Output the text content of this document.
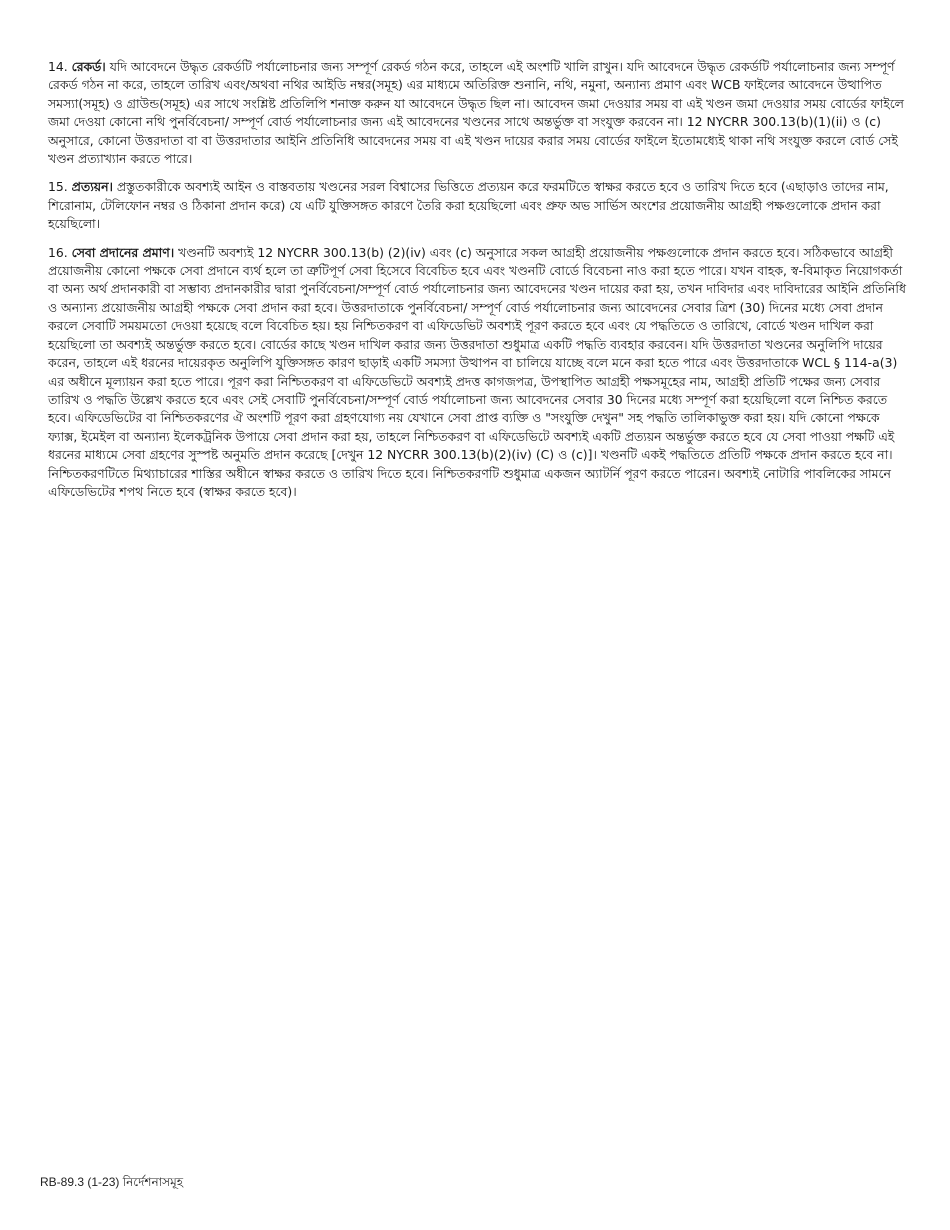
14. রেকর্ড। যদি আবেদনে উদ্ধৃত রেকর্ডটি পর্যালোচনার জন্য সম্পূর্ণ রেকর্ড গঠন করে, তাহলে এই অংশটি খালি রাখুন। যদি আবেদনে উদ্ধৃত রেকর্ডটি পর্যালোচনার জন্য সম্পূর্ণ রেকর্ড গঠন না করে, তাহলে তারিখ এবং/অথবা নথির আইডি নম্বর(সমূহ) এর মাধ্যমে অতিরিক্ত শুনানি, নথি, নমুনা, অন্যান্য প্রমাণ এবং WCB ফাইলের আবেদনে উত্থাপিত সমস্যা(সমূহ) ও গ্রাউন্ড(সমূহ) এর সাথে সংশ্লিষ্ট প্রতিলিপি শনাক্ত করুন যা আবেদনে উদ্ধৃত ছিল না। আবেদন জমা দেওয়ার সময় বা এই খণ্ডন জমা দেওয়ার সময় বোর্ডের ফাইলে জমা দেওয়া কোনো নথি পুনর্বিবেচনা/ সম্পূর্ণ বোর্ড পর্যালোচনার জন্য এই আবেদনের খণ্ডনের সাথে অন্তর্ভুক্ত বা সংযুক্ত করবেন না। 12 NYCRR 300.13(b)(1)(ii) ও (c) অনুসারে, কোনো উত্তরদাতা বা বা উত্তরদাতার আইনি প্রতিনিধি আবেদনের সময় বা এই খণ্ডন দায়ের করার সময় বোর্ডের ফাইলে ইতোমধ্যেই থাকা নথি সংযুক্ত করলে বোর্ড সেই খণ্ডন প্রত্যাখ্যান করতে পারে।

15. প্রত্যয়ন। প্রস্তুতকারীকে অবশ্যই আইন ও বাস্তবতায় খণ্ডনের সরল বিশ্বাসের ভিত্তিতে প্রত্যয়ন করে ফরমটিতে স্বাক্ষর করতে হবে ও তারিখ দিতে হবে (এছাড়াও তাদের নাম, শিরোনাম, টেলিফোন নম্বর ও ঠিকানা প্রদান করে) যে এটি যুক্তিসঙ্গত কারণে তৈরি করা হয়েছিলো এবং প্রুফ অভ সার্ভিস অংশের প্রয়োজনীয় আগ্রহী পক্ষগুলোকে প্রদান করা হয়েছিলো।

16. সেবা প্রদানের প্রমাণ। খণ্ডনটি অবশ্যই 12 NYCRR 300.13(b) (2)(iv) এবং (c) অনুসারে সকল আগ্রহী প্রয়োজনীয় পক্ষগুলোকে প্রদান করতে হবে। সঠিকভাবে আগ্রহী প্রয়োজনীয় কোনো পক্ষকে সেবা প্রদানে ব্যর্থ হলে তা ত্রুটিপূর্ণ সেবা হিসেবে বিবেচিত হবে এবং খণ্ডনটি বোর্ডে বিবেচনা নাও করা হতে পারে। যখন বাহক, স্ব-বিমাকৃত নিয়োগকর্তা বা অন্য অর্থ প্রদানকারী বা সম্ভাব্য প্রদানকারীর দ্বারা পুনর্বিবেচনা/সম্পূর্ণ বোর্ড পর্যালোচনার জন্য আবেদনের খণ্ডন দায়ের করা হয়, তখন দাবিদার এবং দাবিদারের আইনি প্রতিনিধি ও অন্যান্য প্রয়োজনীয় আগ্রহী পক্ষকে সেবা প্রদান করা হবে। উত্তরদাতাকে পুনর্বিবেচনা/ সম্পূর্ণ বোর্ড পর্যালোচনার জন্য আবেদনের সেবার ত্রিশ (30) দিনের মধ্যে সেবা প্রদান করলে সেবাটি সময়মতো দেওয়া হয়েছে বলে বিবেচিত হয়। হয় নিশ্চিতকরণ বা এফিডেভিট অবশ্যই পূরণ করতে হবে এবং যে পদ্ধতিতে ও তারিখে, বোর্ডে খণ্ডন দাখিল করা হয়েছিলো তা অবশ্যই অন্তর্ভুক্ত করতে হবে। বোর্ডের কাছে খণ্ডন দাখিল করার জন্য উত্তরদাতা শুধুমাত্র একটি পদ্ধতি ব্যবহার করবেন। যদি উত্তরদাতা খণ্ডনের অনুলিপি দায়ের করেন, তাহলে এই ধরনের দায়েরকৃত অনুলিপি যুক্তিসঙ্গত কারণ ছাড়াই একটি সমস্যা উত্থাপন বা চালিয়ে যাচ্ছে বলে মনে করা হতে পারে এবং উত্তরদাতাকে WCL § 114-a(3) এর অধীনে মূল্যায়ন করা হতে পারে। পূরণ করা নিশ্চিতকরণ বা এফিডেভিটে অবশ্যই প্রদত্ত কাগজপত্র, উপস্থাপিত আগ্রহী পক্ষসমূহের নাম, আগ্রহী প্রতিটি পক্ষের জন্য সেবার তারিখ ও পদ্ধতি উল্লেখ করতে হবে এবং সেই সেবাটি পুনর্বিবেচনা/সম্পূর্ণ বোর্ড পর্যালোচনা জন্য আবেদনের সেবার 30 দিনের মধ্যে সম্পূর্ণ করা হয়েছিলো বলে নিশ্চিত করতে হবে। এফিডেভিটের বা নিশ্চিতকরণের ঐ অংশটি পূরণ করা গ্রহণযোগ্য নয় যেখানে সেবা প্রাপ্ত ব্যক্তি ও "সংযুক্তি দেখুন" সহ পদ্ধতি তালিকাভুক্ত করা হয়। যদি কোনো পক্ষকে ফ্যাক্স, ইমেইল বা অন্যান্য ইলেকট্রনিক উপায়ে সেবা প্রদান করা হয়, তাহলে নিশ্চিতকরণ বা এফিডেভিটে অবশ্যই একটি প্রত্যয়ন অন্তর্ভুক্ত করতে হবে যে সেবা পাওয়া পক্ষটি এই ধরনের মাধ্যমে সেবা গ্রহণের সুস্পষ্ট অনুমতি প্রদান করেছে [দেখুন 12 NYCRR 300.13(b)(2)(iv) (C) ও (c)]। খণ্ডনটি একই পদ্ধতিতে প্রতিটি পক্ষকে প্রদান করতে হবে না। নিশ্চিতকরণটিতে মিথ্যাচারের শাস্তির অধীনে স্বাক্ষর করতে ও তারিখ দিতে হবে। নিশ্চিতকরণটি শুধুমাত্র একজন অ্যাটর্নি পূরণ করতে পারেন। অবশ্যই নোটারি পাবলিকের সামনে এফিডেভিটের শপথ নিতে হবে (স্বাক্ষর করতে হবে)।

RB-89.3 (1-23) নির্দেশনাসমূহ
